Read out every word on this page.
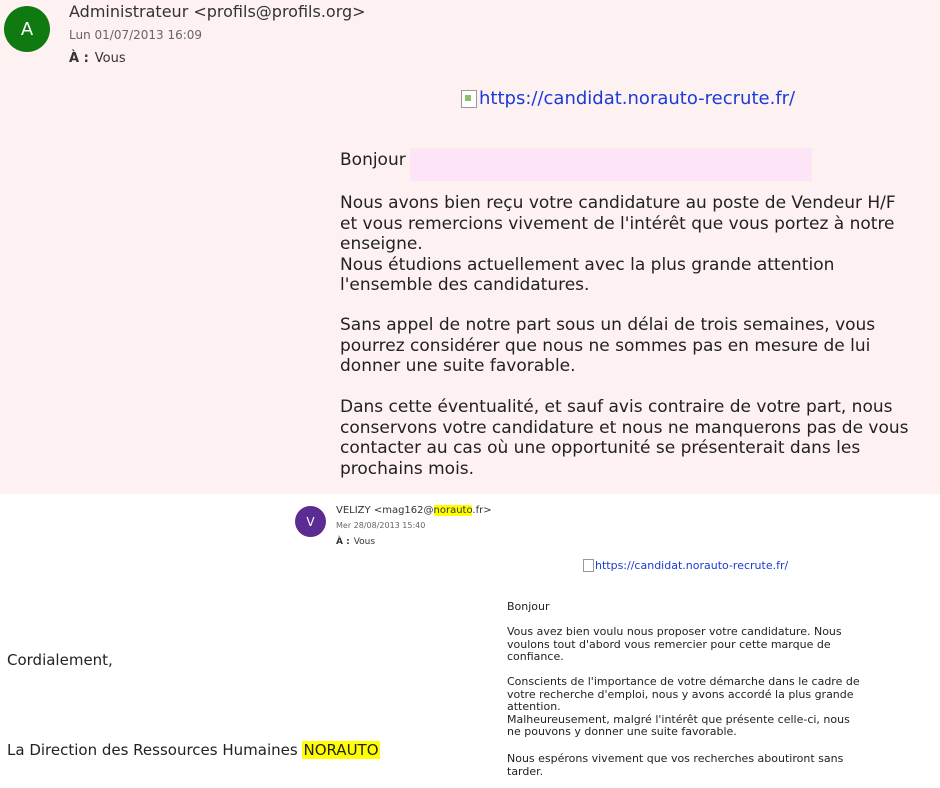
A
Administrateur <profils@profils.org>
Lun 01/07/2013 16:09
À : Vous
https://candidat.norauto-recrute.fr/
Bonjour
Nous avons bien reçu votre candidature au poste de Vendeur H/F et vous remercions vivement de l'intérêt que vous portez à notre enseigne.
Nous étudions actuellement avec la plus grande attention l'ensemble des candidatures.
Sans appel de notre part sous un délai de trois semaines, vous pourrez considérer que nous ne sommes pas en mesure de lui donner une suite favorable.
Dans cette éventualité, et sauf avis contraire de votre part, nous conservons votre candidature et nous ne manquerons pas de vous contacter au cas où une opportunité se présenterait dans les prochains mois.
V
VELIZY <mag162@norauto.fr>
Mer 28/08/2013 15:40
À : Vous
https://candidat.norauto-recrute.fr/
Bonjour
Vous avez bien voulu nous proposer votre candidature. Nous voulons tout d'abord vous remercier pour cette marque de confiance.
Conscients de l'importance de votre démarche dans le cadre de votre recherche d'emploi, nous y avons accordé la plus grande attention.
Malheureusement, malgré l'intérêt que présente celle-ci, nous ne pouvons y donner une suite favorable.
Nous espérons vivement que vos recherches aboutiront sans tarder.
Cordialement,
La Direction des Ressources Humaines NORAUTO
